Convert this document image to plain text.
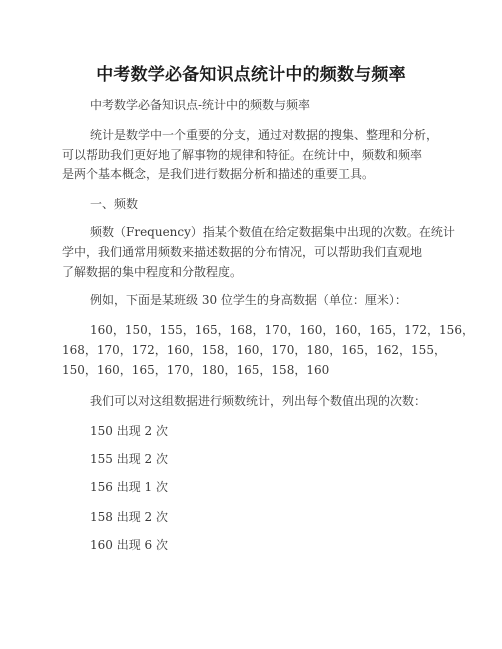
中考数学必备知识点统计中的频数与频率
中考数学必备知识点-统计中的频数与频率
统计是数学中一个重要的分支，通过对数据的搜集、整理和分析，
可以帮助我们更好地了解事物的规律和特征。在统计中，频数和频率
是两个基本概念，是我们进行数据分析和描述的重要工具。
一、频数
频数（Frequency）指某个数值在给定数据集中出现的次数。在统计
学中，我们通常用频数来描述数据的分布情况，可以帮助我们直观地
了解数据的集中程度和分散程度。
例如，下面是某班级 30 位学生的身高数据（单位：厘米）：
160，150，155，165，168，170，160，160，165，172，156，
168，170，172，160，158，160，170，180，165，162，155，
150，160，165，170，180，165，158，160
我们可以对这组数据进行频数统计，列出每个数值出现的次数：
150 出现 2 次
155 出现 2 次
156 出现 1 次
158 出现 2 次
160 出现 6 次
